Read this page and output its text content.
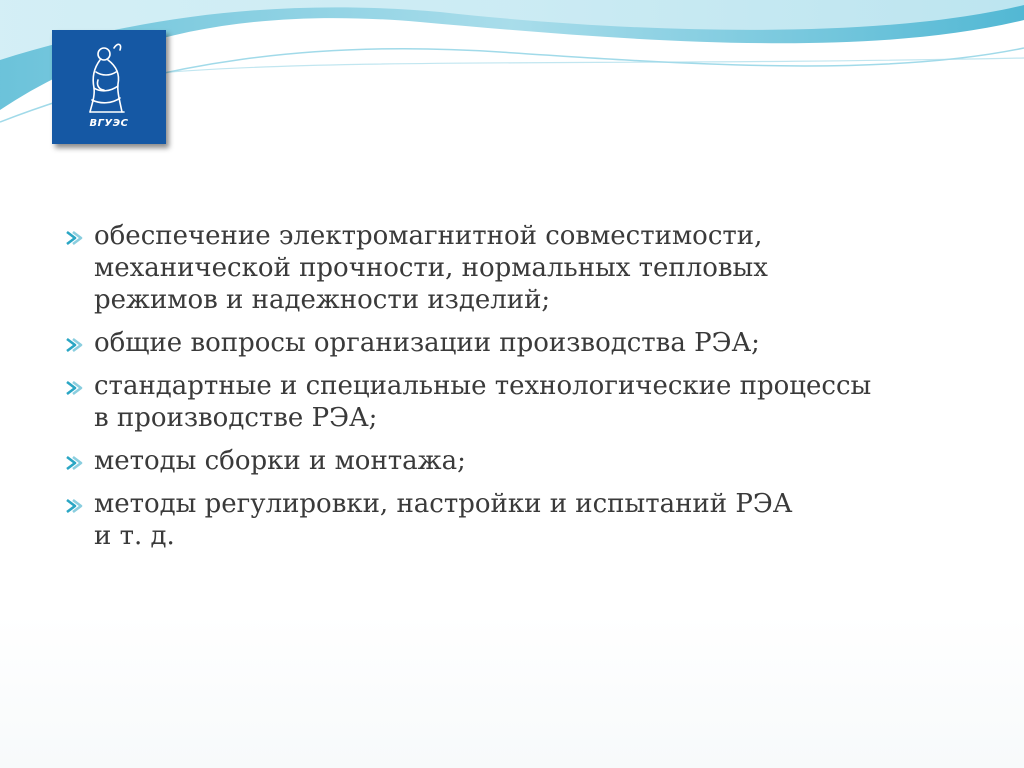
ВГУЭС
обеспечение электромагнитной совместимости,
механической прочности, нормальных тепловых
режимов и надежности изделий;
общие вопросы организации производства РЭА;
стандартные и специальные технологические процессы
в производстве РЭА;
методы сборки и монтажа;
методы регулировки, настройки и испытаний РЭА
и т. д.
